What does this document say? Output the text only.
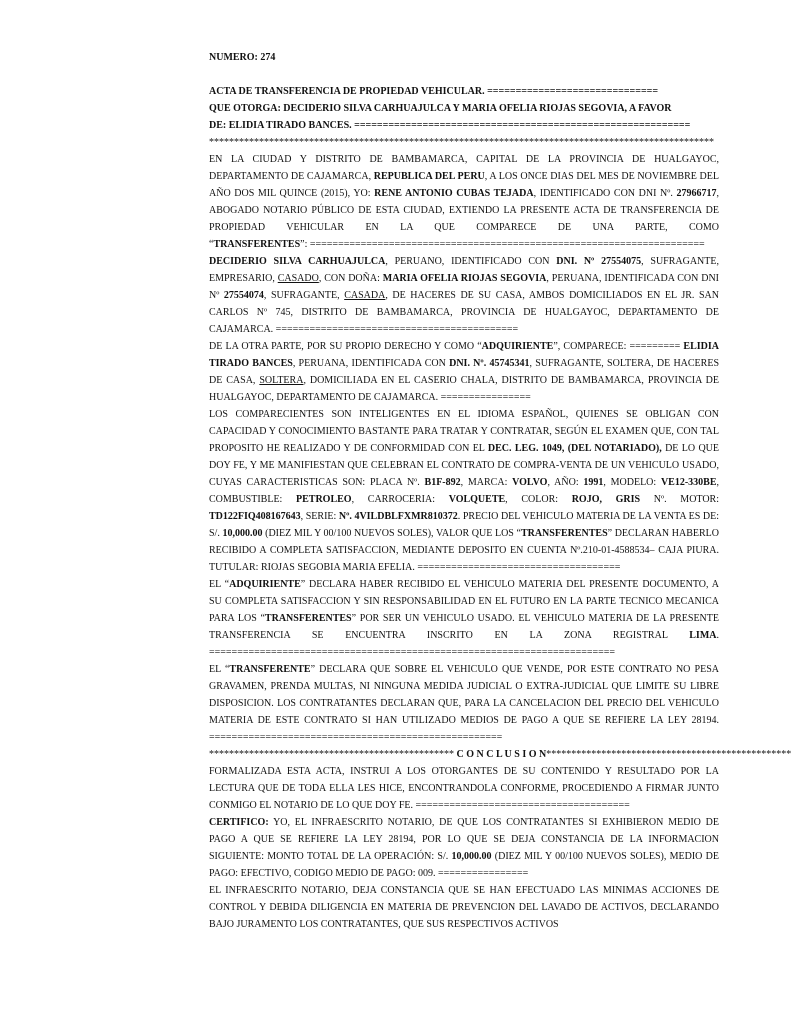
NUMERO: 274

ACTA DE TRANSFERENCIA DE PROPIEDAD VEHICULAR. ==============================

QUE OTORGA: DECIDERIO SILVA CARHUAJULCA Y MARIA OFELIA RIOJAS SEGOVIA, A FAVOR

DE: ELIDIA TIRADO BANCES. ===========================================================

*****************************************************************************************************

EN LA CIUDAD Y DISTRITO DE BAMBAMARCA, CAPITAL DE LA PROVINCIA DE HUALGAYOC, DEPARTAMENTO DE CAJAMARCA, REPUBLICA DEL PERU, A LOS ONCE DIAS DEL MES DE NOVIEMBRE DEL AÑO DOS MIL QUINCE (2015), YO: RENE ANTONIO CUBAS TEJADA, IDENTIFICADO CON DNI Nº. 27966717, ABOGADO NOTARIO PÚBLICO DE ESTA CIUDAD, EXTIENDO LA PRESENTE ACTA DE TRANSFERENCIA DE PROPIEDAD VEHICULAR EN LA QUE COMPARECE DE UNA PARTE, COMO “TRANSFERENTES”: ======================================================================

DECIDERIO SILVA CARHUAJULCA, PERUANO, IDENTIFICADO CON DNI. Nº 27554075, SUFRAGANTE, EMPRESARIO, CASADO, CON DOÑA: MARIA OFELIA RIOJAS SEGOVIA, PERUANA, IDENTIFICADA CON DNI Nº 27554074, SUFRAGANTE, CASADA, DE HACERES DE SU CASA, AMBOS DOMICILIADOS EN EL JR. SAN CARLOS Nº 745, DISTRITO DE BAMBAMARCA, PROVINCIA DE HUALGAYOC, DEPARTAMENTO DE CAJAMARCA. ===========================================

DE LA OTRA PARTE, POR SU PROPIO DERECHO Y COMO “ADQUIRIENTE”, COMPARECE: ========= ELIDIA TIRADO BANCES, PERUANA, IDENTIFICADA CON DNI. Nº. 45745341, SUFRAGANTE, SOLTERA, DE HACERES DE CASA, SOLTERA, DOMICILIADA EN EL CASERIO CHALA, DISTRITO DE BAMBAMARCA, PROVINCIA DE HUALGAYOC, DEPARTAMENTO DE CAJAMARCA. ================

LOS COMPARECIENTES SON INTELIGENTES EN EL IDIOMA ESPAÑOL, QUIENES SE OBLIGAN CON CAPACIDAD Y CONOCIMIENTO BASTANTE PARA TRATAR Y CONTRATAR, SEGÚN EL EXAMEN QUE, CON TAL PROPOSITO HE REALIZADO Y DE CONFORMIDAD CON EL DEC. LEG. 1049, (DEL NOTARIADO), DE LO QUE DOY FE, Y ME MANIFIESTAN QUE CELEBRAN EL CONTRATO DE COMPRA-VENTA DE UN VEHICULO USADO, CUYAS CARACTERISTICAS SON: PLACA Nº. B1F-892, MARCA: VOLVO, AÑO: 1991, MODELO: VE12-330BE, COMBUSTIBLE: PETROLEO, CARROCERIA: VOLQUETE, COLOR: ROJO, GRIS Nº. MOTOR: TD122FIQ408167643, SERIE: Nº. 4VILDBLFXMR810372. PRECIO DEL VEHICULO MATERIA DE LA VENTA ES DE: S/. 10,000.00 (DIEZ MIL Y 00/100 NUEVOS SOLES), VALOR QUE LOS “TRANSFERENTES” DECLARAN HABERLO RECIBIDO A COMPLETA SATISFACCION, MEDIANTE DEPOSITO EN CUENTA Nº.210-01-4588534– CAJA PIURA. TUTULAR: RIOJAS SEGOBIA MARIA EFELIA. ====================================

EL “ADQUIRIENTE” DECLARA HABER RECIBIDO EL VEHICULO MATERIA DEL PRESENTE DOCUMENTO, A SU COMPLETA SATISFACCION Y SIN RESPONSABILIDAD EN EL FUTURO EN LA PARTE TECNICO MECANICA PARA LOS “TRANSFERENTES” POR SER UN VEHICULO USADO. EL VEHICULO MATERIA DE LA PRESENTE TRANSFERENCIA SE ENCUENTRA INSCRITO EN LA ZONA REGISTRAL LIMA. ========================================================================

EL “TRANSFERENTE” DECLARA QUE SOBRE EL VEHICULO QUE VENDE, POR ESTE CONTRATO NO PESA GRAVAMEN, PRENDA MULTAS, NI NINGUNA MEDIDA JUDICIAL O EXTRA-JUDICIAL QUE LIMITE SU LIBRE DISPOSICION. LOS CONTRATANTES DECLARAN QUE, PARA LA CANCELACION DEL PRECIO DEL VEHICULO MATERIA DE ESTE CONTRATO SI HAN UTILIZADO MEDIOS DE PAGO A QUE SE REFIERE LA LEY 28194. ====================================================

************************************************* C O N C L U S I O N*************************************************

FORMALIZADA ESTA ACTA, INSTRUI A LOS OTORGANTES DE SU CONTENIDO Y RESULTADO POR LA LECTURA QUE DE TODA ELLA LES HICE, ENCONTRANDOLA CONFORME, PROCEDIENDO A FIRMAR JUNTO CONMIGO EL NOTARIO DE LO QUE DOY FE. ======================================

CERTIFICO: YO, EL INFRAESCRITO NOTARIO, DE QUE LOS CONTRATANTES SI EXHIBIERON MEDIO DE PAGO A QUE SE REFIERE LA LEY 28194, POR LO QUE SE DEJA CONSTANCIA DE LA INFORMACION SIGUIENTE: MONTO TOTAL DE LA OPERACIÓN: S/. 10,000.00 (DIEZ MIL Y 00/100 NUEVOS SOLES), MEDIO DE PAGO: EFECTIVO, CODIGO MEDIO DE PAGO: 009. ================

EL INFRAESCRITO NOTARIO, DEJA CONSTANCIA QUE SE HAN EFECTUADO LAS MINIMAS ACCIONES DE CONTROL Y DEBIDA DILIGENCIA EN MATERIA DE PREVENCION DEL LAVADO DE ACTIVOS, DECLARANDO BAJO JURAMENTO LOS CONTRATANTES, QUE SUS RESPECTIVOS ACTIVOS
